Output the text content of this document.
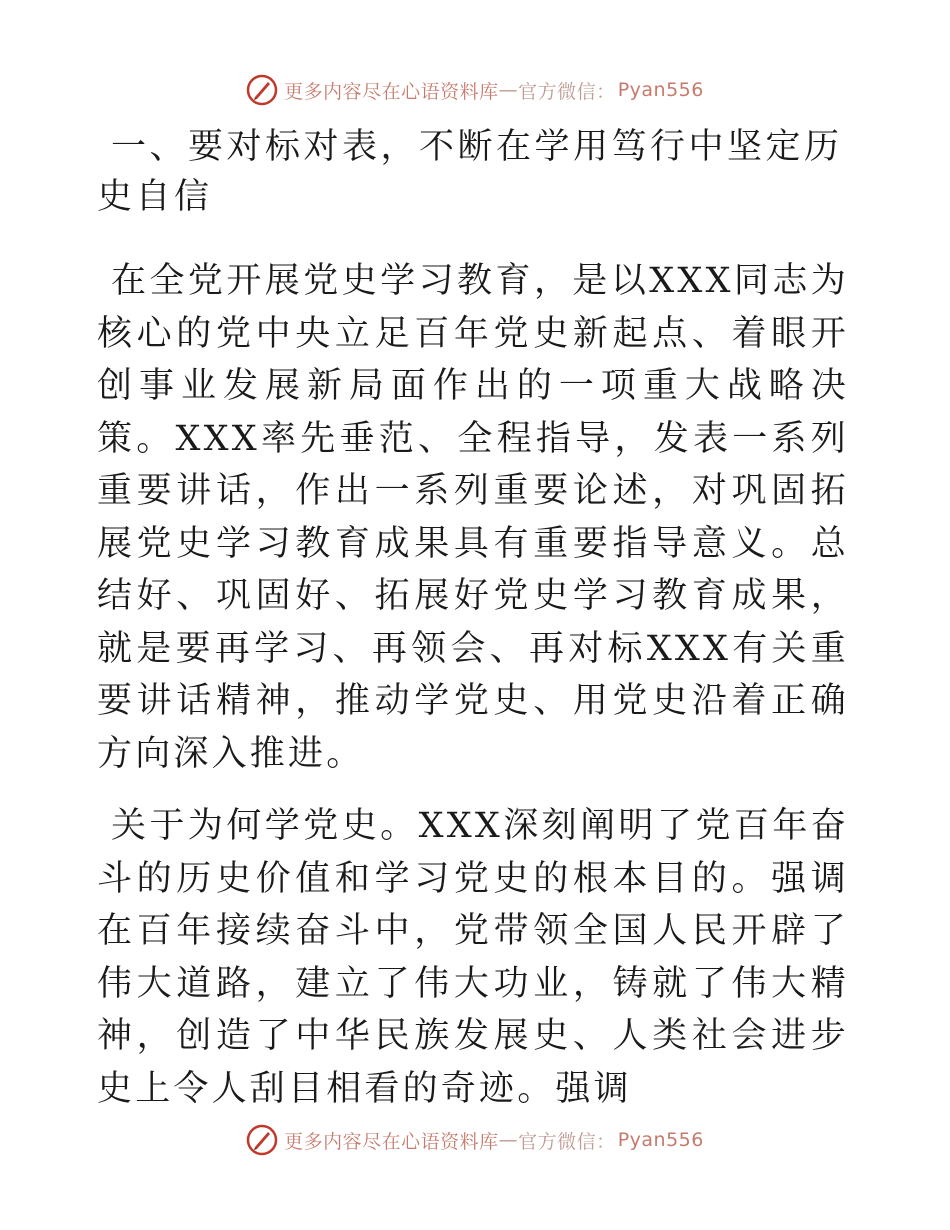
更多内容尽在心语资料库 — 官方微信： Pyan556
一、要对标对表，不断在学用笃行中坚定历史自信

在全党开展党史学习教育，是以XXX同志为核心的党中央立足百年党史新起点、着眼开创事业发展新局面作出的一项重大战略决策。XXX率先垂范、全程指导，发表一系列重要讲话，作出一系列重要论述，对巩固拓展党史学习教育成果具有重要指导意义。总结好、巩固好、拓展好党史学习教育成果，就是要再学习、再领会、再对标XXX有关重要讲话精神，推动学党史、用党史沿着正确方向深入推进。

关于为何学党史。XXX深刻阐明了党百年奋斗的历史价值和学习党史的根本目的。强调在百年接续奋斗中，党带领全国人民开辟了伟大道路，建立了伟大功业，铸就了伟大精神，创造了中华民族发展史、人类社会进步史上令人刮目相看的奇迹。强调

更多内容尽在心语资料库 — 官方微信： Pyan556
